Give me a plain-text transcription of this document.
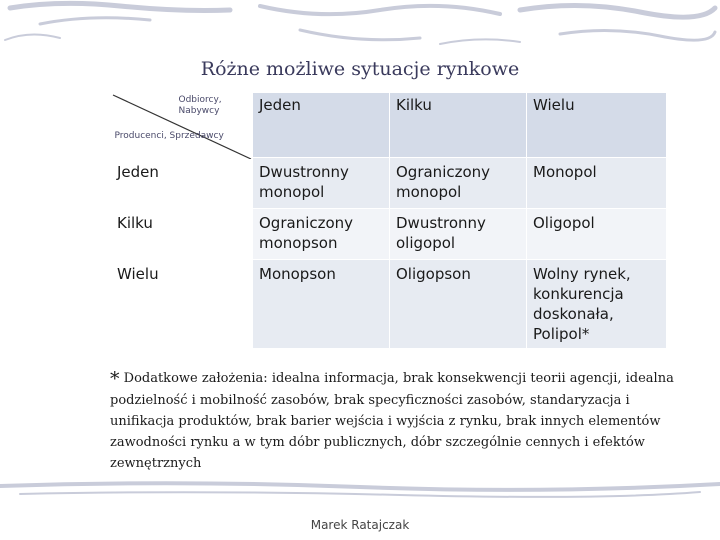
Różne możliwe sytuacje rynkowe
Odbiorcy, Nabywcy
Producenci, Sprzedawcy	Jeden	Kilku	Wielu
Jeden	Dwustronny monopol	Ograniczony monopol	Monopol
Kilku	Ograniczony monopson	Dwustronny oligopol	Oligopol
Wielu	Monopson	Oligopson	Wolny rynek, konkurencja doskonała, Polipol*
* Dodatkowe założenia: idealna informacja, brak konsekwencji teorii agencji, idealna podzielność i mobilność zasobów, brak specyficzności zasobów, standaryzacja i unifikacja produktów, brak barier wejścia i wyjścia z rynku, brak innych elementów zawodności rynku a w tym dóbr publicznych, dóbr szczególnie cennych i efektów zewnętrznych
Marek Ratajczak
